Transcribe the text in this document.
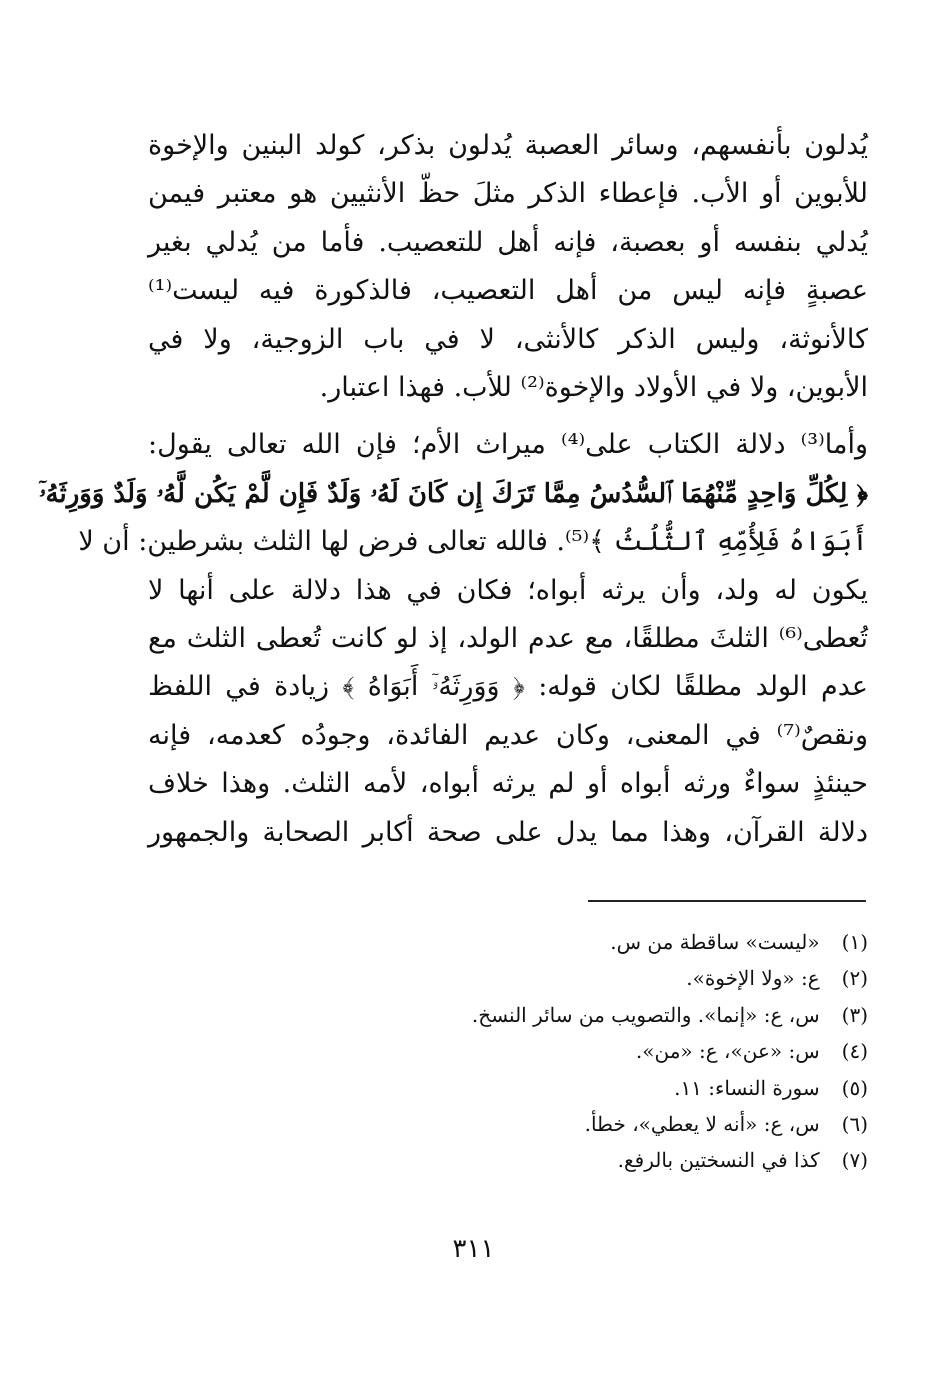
يُدلون بأنفسهم، وسائر العصبة يُدلون بذكر، كولد البنين والإخوة
للأبوين أو الأب. فإعطاء الذكر مثلَ حظّ الأنثيين هو معتبر فيمن
يُدلي بنفسه أو بعصبة، فإنه أهل للتعصيب. فأما من يُدلي بغير
عصبةٍ فإنه ليس من أهل التعصيب، فالذكورة فيه ليست⁽¹⁾
كالأنوثة، وليس الذكر كالأنثى، لا في باب الزوجية، ولا في
الأبوين، ولا في الأولاد والإخوة⁽²⁾ للأب. فهذا اعتبار.

وأما⁽³⁾ دلالة الكتاب على⁽⁴⁾ ميراث الأم؛ فإن الله تعالى يقول:
﴿ لِكُلِّ وَاحِدٍ مِّنْهُمَا ٱلسُّدُسُ مِمَّا تَرَكَ إِن كَانَ لَهُۥ وَلَدٌ فَإِن لَّمْ يَكُن لَّهُۥ وَلَدٌ وَوَرِثَهُۥٓ
أَبَوَاهُ فَلِأُمِّهِ ٱلثُّلُثُ ﴾⁽⁵⁾. فالله تعالى فرض لها الثلث بشرطين: أن لا
يكون له ولد، وأن يرثه أبواه؛ فكان في هذا دلالة على أنها لا
تُعطى⁽⁶⁾ الثلثَ مطلقًا، مع عدم الولد، إذ لو كانت تُعطى الثلث مع
عدم الولد مطلقًا لكان قوله: ﴿ وَوَرِثَهُۥٓ أَبَوَاهُ ﴾ زيادة في اللفظ
ونقصٌ⁽⁷⁾ في المعنى، وكان عديم الفائدة، وجودُه كعدمه، فإنه
حينئذٍ سواءٌ ورثه أبواه أو لم يرثه أبواه، لأمه الثلث. وهذا خلاف
دلالة القرآن، وهذا مما يدل على صحة أكابر الصحابة والجمهور

(١) «ليست» ساقطة من س.
(٢) ع: «ولا الإخوة».
(٣) س، ع: «إنما». والتصويب من سائر النسخ.
(٤) س: «عن»، ع: «من».
(٥) سورة النساء: ١١.
(٦) س، ع: «أنه لا يعطي»، خطأ.
(٧) كذا في النسختين بالرفع.
٣١١
